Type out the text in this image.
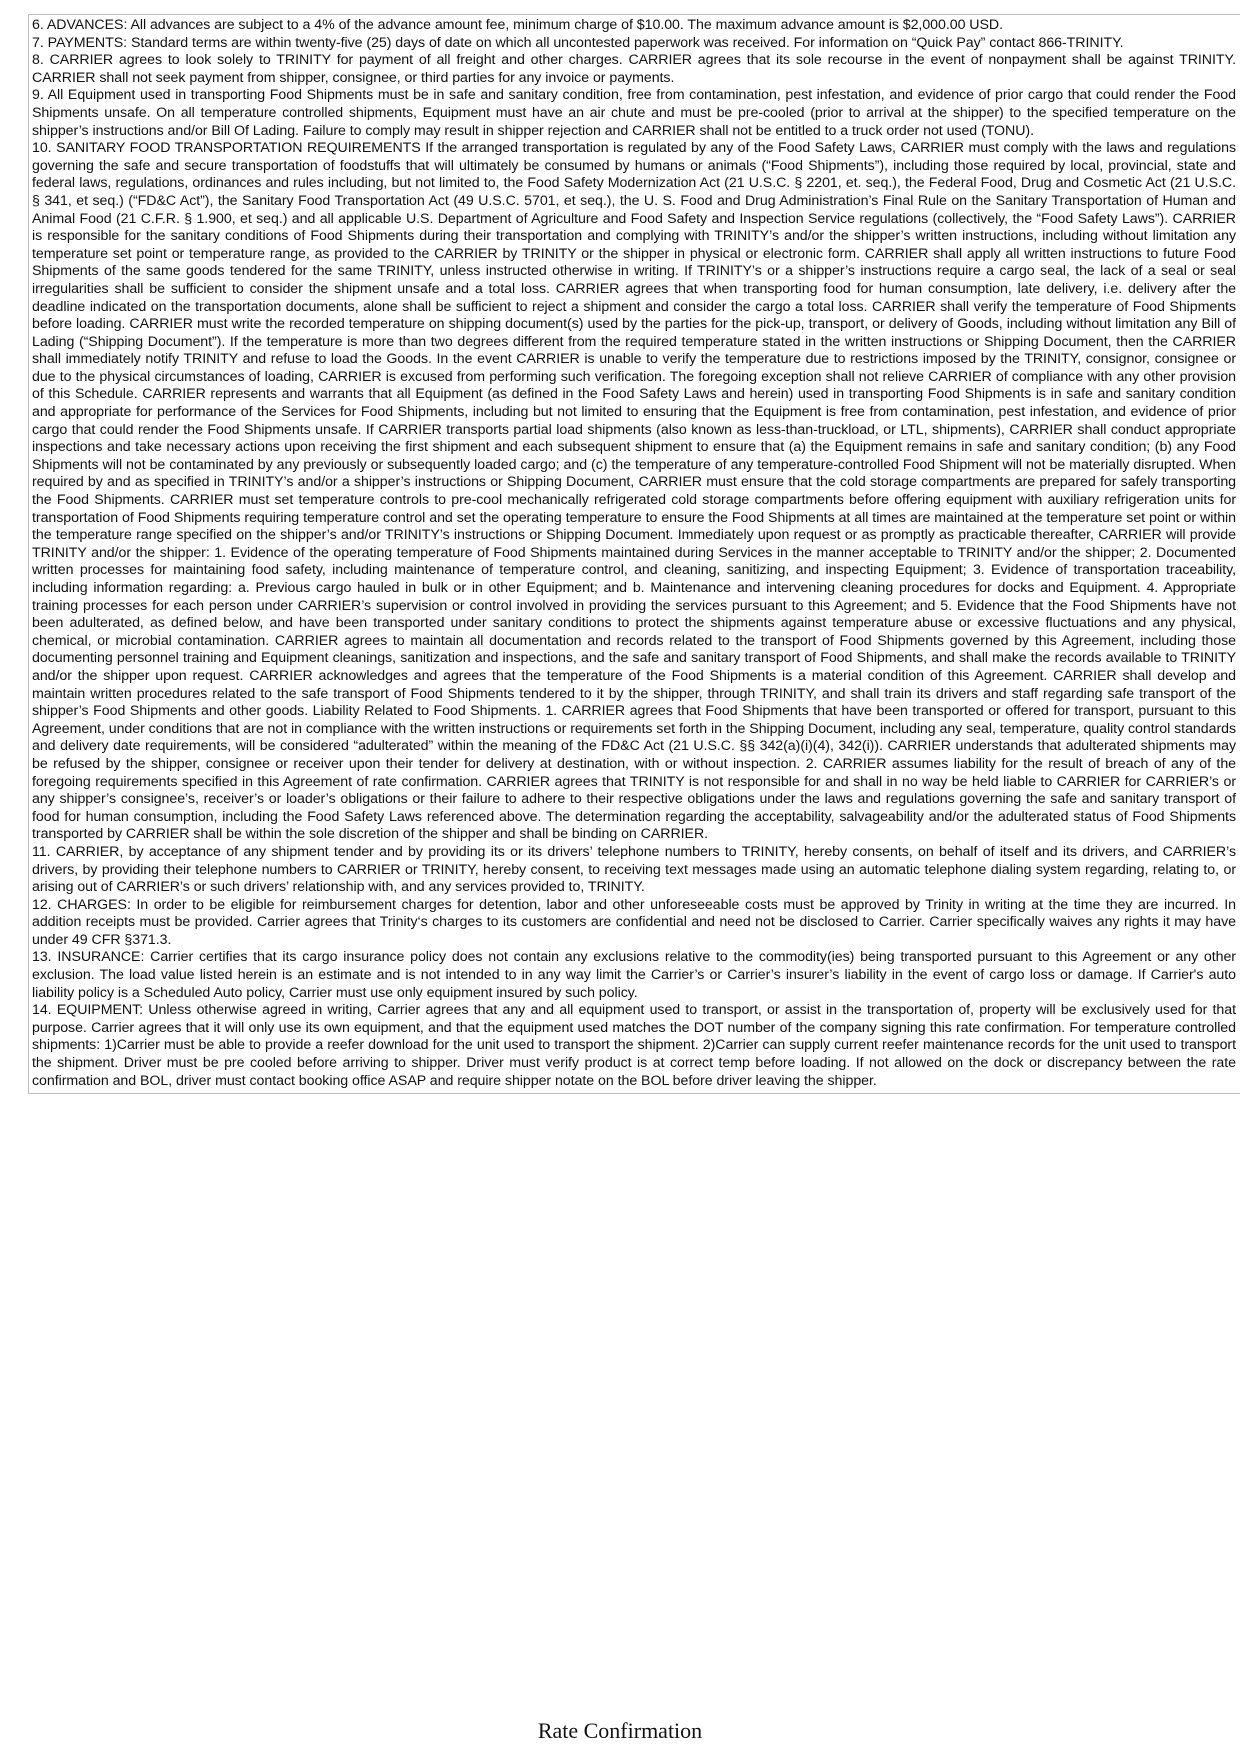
6. ADVANCES: All advances are subject to a 4% of the advance amount fee, minimum charge of $10.00. The maximum advance amount is $2,000.00 USD.

7. PAYMENTS: Standard terms are within twenty-five (25) days of date on which all uncontested paperwork was received. For information on “Quick Pay” contact 866-TRINITY.

8. CARRIER agrees to look solely to TRINITY for payment of all freight and other charges. CARRIER agrees that its sole recourse in the event of nonpayment shall be against TRINITY. CARRIER shall not seek payment from shipper, consignee, or third parties for any invoice or payments.

9. All Equipment used in transporting Food Shipments must be in safe and sanitary condition, free from contamination, pest infestation, and evidence of prior cargo that could render the Food Shipments unsafe. On all temperature controlled shipments, Equipment must have an air chute and must be pre-cooled (prior to arrival at the shipper) to the specified temperature on the shipper’s instructions and/or Bill Of Lading. Failure to comply may result in shipper rejection and CARRIER shall not be entitled to a truck order not used (TONU).

10. SANITARY FOOD TRANSPORTATION REQUIREMENTS If the arranged transportation is regulated by any of the Food Safety Laws, CARRIER must comply with the laws and regulations governing the safe and secure transportation of foodstuffs that will ultimately be consumed by humans or animals (“Food Shipments”), including those required by local, provincial, state and federal laws, regulations, ordinances and rules including, but not limited to, the Food Safety Modernization Act (21 U.S.C. § 2201, et. seq.), the Federal Food, Drug and Cosmetic Act (21 U.S.C. § 341, et seq.) (“FD&C Act”), the Sanitary Food Transportation Act (49 U.S.C. 5701, et seq.), the U. S. Food and Drug Administration’s Final Rule on the Sanitary Transportation of Human and Animal Food (21 C.F.R. § 1.900, et seq.) and all applicable U.S. Department of Agriculture and Food Safety and Inspection Service regulations (collectively, the “Food Safety Laws”). CARRIER is responsible for the sanitary conditions of Food Shipments during their transportation and complying with TRINITY’s and/or the shipper’s written instructions, including without limitation any temperature set point or temperature range, as provided to the CARRIER by TRINITY or the shipper in physical or electronic form. CARRIER shall apply all written instructions to future Food Shipments of the same goods tendered for the same TRINITY, unless instructed otherwise in writing. If TRINITY’s or a shipper’s instructions require a cargo seal, the lack of a seal or seal irregularities shall be sufficient to consider the shipment unsafe and a total loss. CARRIER agrees that when transporting food for human consumption, late delivery, i.e. delivery after the deadline indicated on the transportation documents, alone shall be sufficient to reject a shipment and consider the cargo a total loss. CARRIER shall verify the temperature of Food Shipments before loading. CARRIER must write the recorded temperature on shipping document(s) used by the parties for the pick-up, transport, or delivery of Goods, including without limitation any Bill of Lading (“Shipping Document”). If the temperature is more than two degrees different from the required temperature stated in the written instructions or Shipping Document, then the CARRIER shall immediately notify TRINITY and refuse to load the Goods. In the event CARRIER is unable to verify the temperature due to restrictions imposed by the TRINITY, consignor, consignee or due to the physical circumstances of loading, CARRIER is excused from performing such verification. The foregoing exception shall not relieve CARRIER of compliance with any other provision of this Schedule. CARRIER represents and warrants that all Equipment (as defined in the Food Safety Laws and herein) used in transporting Food Shipments is in safe and sanitary condition and appropriate for performance of the Services for Food Shipments, including but not limited to ensuring that the Equipment is free from contamination, pest infestation, and evidence of prior cargo that could render the Food Shipments unsafe. If CARRIER transports partial load shipments (also known as less-than-truckload, or LTL, shipments), CARRIER shall conduct appropriate inspections and take necessary actions upon receiving the first shipment and each subsequent shipment to ensure that (a) the Equipment remains in safe and sanitary condition; (b) any Food Shipments will not be contaminated by any previously or subsequently loaded cargo; and (c) the temperature of any temperature-controlled Food Shipment will not be materially disrupted. When required by and as specified in TRINITY’s and/or a shipper’s instructions or Shipping Document, CARRIER must ensure that the cold storage compartments are prepared for safely transporting the Food Shipments. CARRIER must set temperature controls to pre-cool mechanically refrigerated cold storage compartments before offering equipment with auxiliary refrigeration units for transportation of Food Shipments requiring temperature control and set the operating temperature to ensure the Food Shipments at all times are maintained at the temperature set point or within the temperature range specified on the shipper’s and/or TRINITY’s instructions or Shipping Document. Immediately upon request or as promptly as practicable thereafter, CARRIER will provide TRINITY and/or the shipper: 1. Evidence of the operating temperature of Food Shipments maintained during Services in the manner acceptable to TRINITY and/or the shipper; 2. Documented written processes for maintaining food safety, including maintenance of temperature control, and cleaning, sanitizing, and inspecting Equipment; 3. Evidence of transportation traceability, including information regarding: a. Previous cargo hauled in bulk or in other Equipment; and b. Maintenance and intervening cleaning procedures for docks and Equipment. 4. Appropriate training processes for each person under CARRIER’s supervision or control involved in providing the services pursuant to this Agreement; and 5. Evidence that the Food Shipments have not been adulterated, as defined below, and have been transported under sanitary conditions to protect the shipments against temperature abuse or excessive fluctuations and any physical, chemical, or microbial contamination. CARRIER agrees to maintain all documentation and records related to the transport of Food Shipments governed by this Agreement, including those documenting personnel training and Equipment cleanings, sanitization and inspections, and the safe and sanitary transport of Food Shipments, and shall make the records available to TRINITY and/or the shipper upon request. CARRIER acknowledges and agrees that the temperature of the Food Shipments is a material condition of this Agreement. CARRIER shall develop and maintain written procedures related to the safe transport of Food Shipments tendered to it by the shipper, through TRINITY, and shall train its drivers and staff regarding safe transport of the shipper’s Food Shipments and other goods. Liability Related to Food Shipments. 1. CARRIER agrees that Food Shipments that have been transported or offered for transport, pursuant to this Agreement, under conditions that are not in compliance with the written instructions or requirements set forth in the Shipping Document, including any seal, temperature, quality control standards and delivery date requirements, will be considered “adulterated” within the meaning of the FD&C Act (21 U.S.C. §§ 342(a)(i)(4), 342(i)). CARRIER understands that adulterated shipments may be refused by the shipper, consignee or receiver upon their tender for delivery at destination, with or without inspection. 2. CARRIER assumes liability for the result of breach of any of the foregoing requirements specified in this Agreement of rate confirmation. CARRIER agrees that TRINITY is not responsible for and shall in no way be held liable to CARRIER for CARRIER’s or any shipper’s consignee’s, receiver’s or loader’s obligations or their failure to adhere to their respective obligations under the laws and regulations governing the safe and sanitary transport of food for human consumption, including the Food Safety Laws referenced above. The determination regarding the acceptability, salvageability and/or the adulterated status of Food Shipments transported by CARRIER shall be within the sole discretion of the shipper and shall be binding on CARRIER.

11. CARRIER, by acceptance of any shipment tender and by providing its or its drivers’ telephone numbers to TRINITY, hereby consents, on behalf of itself and its drivers, and CARRIER’s drivers, by providing their telephone numbers to CARRIER or TRINITY, hereby consent, to receiving text messages made using an automatic telephone dialing system regarding, relating to, or arising out of CARRIER’s or such drivers’ relationship with, and any services provided to, TRINITY.

12. CHARGES: In order to be eligible for reimbursement charges for detention, labor and other unforeseeable costs must be approved by Trinity in writing at the time they are incurred. In addition receipts must be provided. Carrier agrees that Trinity‘s charges to its customers are confidential and need not be disclosed to Carrier. Carrier specifically waives any rights it may have under 49 CFR §371.3.

13. INSURANCE: Carrier certifies that its cargo insurance policy does not contain any exclusions relative to the commodity(ies) being transported pursuant to this Agreement or any other exclusion. The load value listed herein is an estimate and is not intended to in any way limit the Carrier’s or Carrier’s insurer’s liability in the event of cargo loss or damage. If Carrier's auto liability policy is a Scheduled Auto policy, Carrier must use only equipment insured by such policy.

14. EQUIPMENT: Unless otherwise agreed in writing, Carrier agrees that any and all equipment used to transport, or assist in the transportation of, property will be exclusively used for that purpose. Carrier agrees that it will only use its own equipment, and that the equipment used matches the DOT number of the company signing this rate confirmation. For temperature controlled shipments: 1)Carrier must be able to provide a reefer download for the unit used to transport the shipment. 2)Carrier can supply current reefer maintenance records for the unit used to transport the shipment. Driver must be pre cooled before arriving to shipper. Driver must verify product is at correct temp before loading. If not allowed on the dock or discrepancy between the rate confirmation and BOL, driver must contact booking office ASAP and require shipper notate on the BOL before driver leaving the shipper.

Rate Confirmation
